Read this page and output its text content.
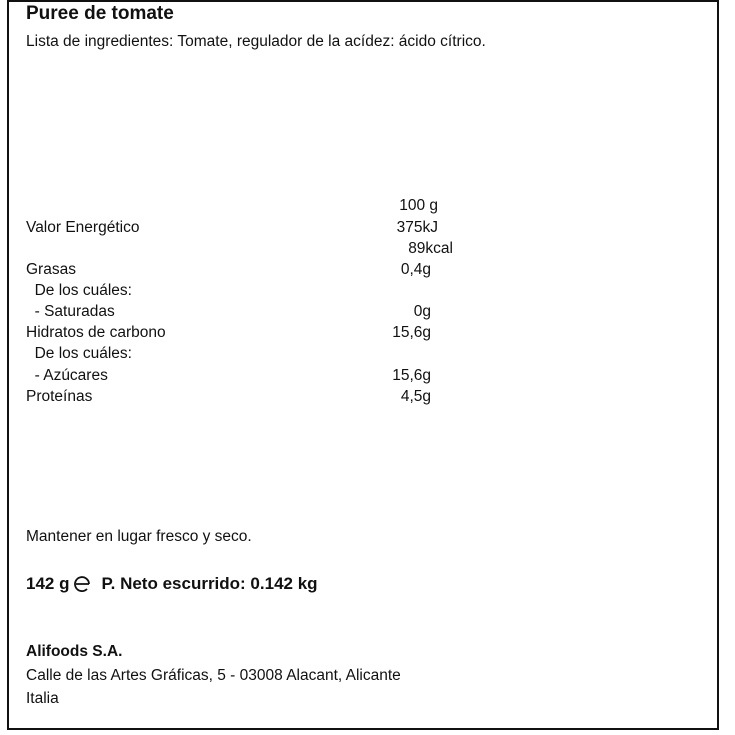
Puree de tomate
Lista de ingredientes: Tomate, regulador de la acídez: ácido cítrico.
100 g
Valor Energético	375kJ
89kcal
Grasas	0,4g
De los cuáles:
- Saturadas	0g
Hidratos de carbono	15,6g
De los cuáles:
- Azúcares	15,6g
Proteínas	4,5g
Mantener en lugar fresco y seco.
142 g P. Neto escurrido: 0.142 kg
Alifoods S.A.
Calle de las Artes Gráficas, 5 - 03008 Alacant, Alicante
Italia
